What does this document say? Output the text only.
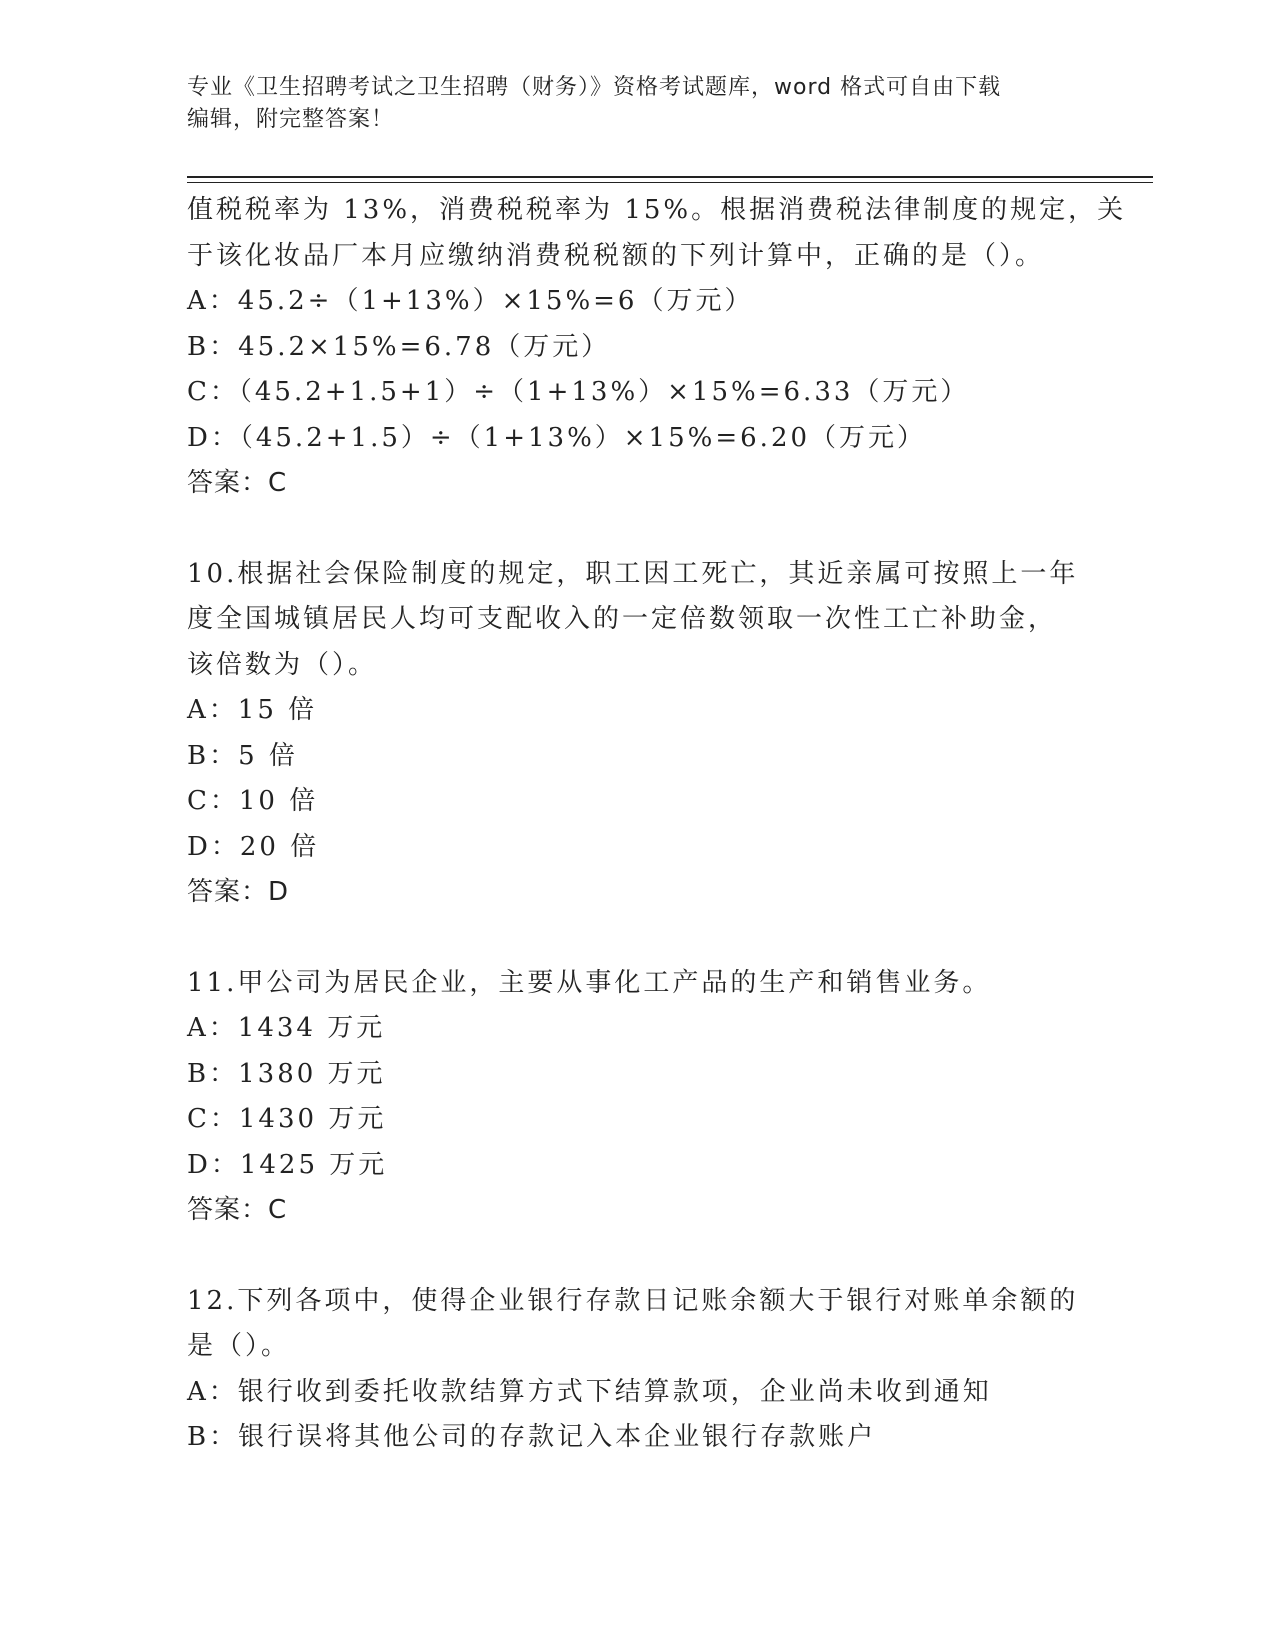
专业《卫生招聘考试之卫生招聘（财务）》资格考试题库，word 格式可自由下载
编辑，附完整答案！
值税税率为 13%，消费税税率为 15%。根据消费税法律制度的规定，关
于该化妆品厂本月应缴纳消费税税额的下列计算中，正确的是（）。
A：45.2÷（1+13%）×15%=6（万元）
B：45.2×15%=6.78（万元）
C：（45.2+1.5+1）÷（1+13%）×15%=6.33（万元）
D：（45.2+1.5）÷（1+13%）×15%=6.20（万元）
答案：C
10.根据社会保险制度的规定，职工因工死亡，其近亲属可按照上一年
度全国城镇居民人均可支配收入的一定倍数领取一次性工亡补助金，
该倍数为（）。
A：15 倍
B：5 倍
C：10 倍
D：20 倍
答案：D
11.甲公司为居民企业，主要从事化工产品的生产和销售业务。
A：1434 万元
B：1380 万元
C：1430 万元
D：1425 万元
答案：C
12.下列各项中，使得企业银行存款日记账余额大于银行对账单余额的
是（）。
A：银行收到委托收款结算方式下结算款项，企业尚未收到通知
B：银行误将其他公司的存款记入本企业银行存款账户
